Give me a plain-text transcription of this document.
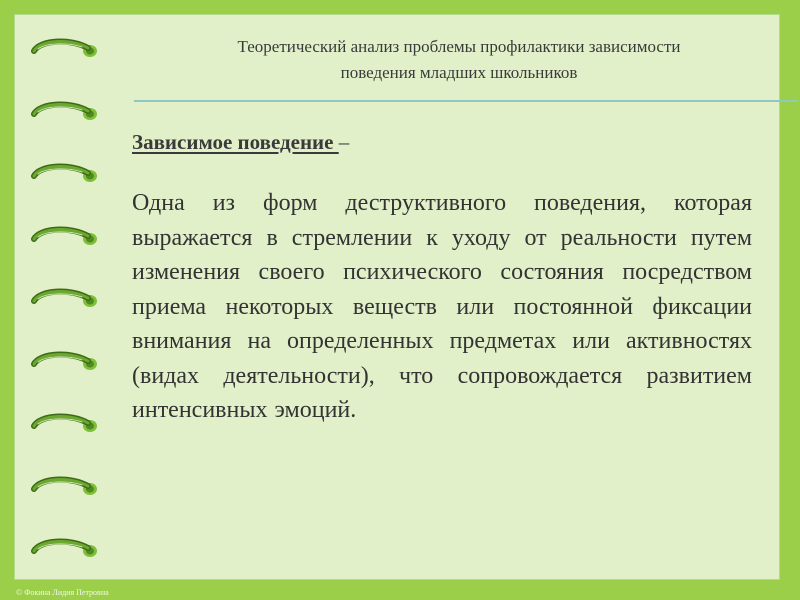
Теоретический анализ проблемы профилактики зависимости
поведения младших школьников
Зависимое поведение –
Одна из форм деструктивного поведения, которая выражается в стремлении к уходу от реальности путем изменения своего психического состояния посредством приема некоторых веществ или постоянной фиксации внимания на определенных предметах или активностях (видах деятельности), что сопровождается развитием интенсивных эмоций.
© Фокина Лидия Петровна
